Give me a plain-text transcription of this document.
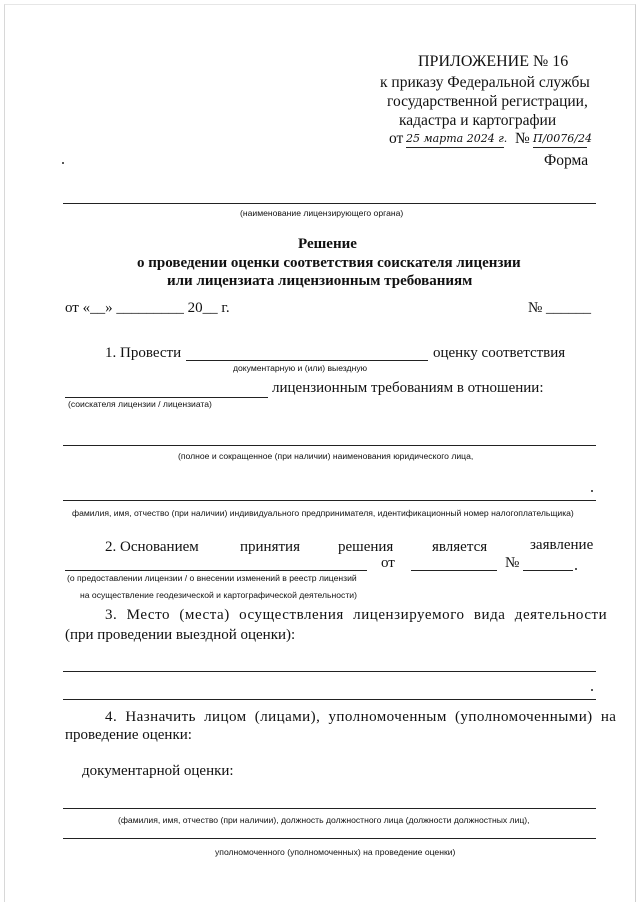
ПРИЛОЖЕНИЕ № 16
к приказу Федеральной службы
государственной регистрации,
кадастра и картографии
от 25 марта 2024 г. № П/0076/24
Форма
(наименование лицензирующего органа)
Решение
о проведении оценки соответствия соискателя лицензии
или лицензиата лицензионным требованиям
от «__» _________ 20__ г.	№ ______
1. Провести	оценку соответствия
документарную и (или) выездную
лицензионным требованиям в отношении:
(соискателя лицензии / лицензиата)
(полное и сокращенное (при наличии) наименования юридического лица,
фамилия, имя, отчество (при наличии) индивидуального предпринимателя, идентификационный номер налогоплательщика)
2. Основанием	принятия	решения	является	заявление
от	№
(о предоставлении лицензии / о внесении изменений в реестр лицензий
на осуществление геодезической и картографической деятельности)
3. Место (места) осуществления лицензируемого вида деятельности
(при проведении выездной оценки):
4. Назначить лицом (лицами), уполномоченным (уполномоченными) на
проведение оценки:
документарной оценки:
(фамилия, имя, отчество (при наличии), должность должностного лица (должности должностных лиц),
уполномоченного (уполномоченных) на проведение оценки)
